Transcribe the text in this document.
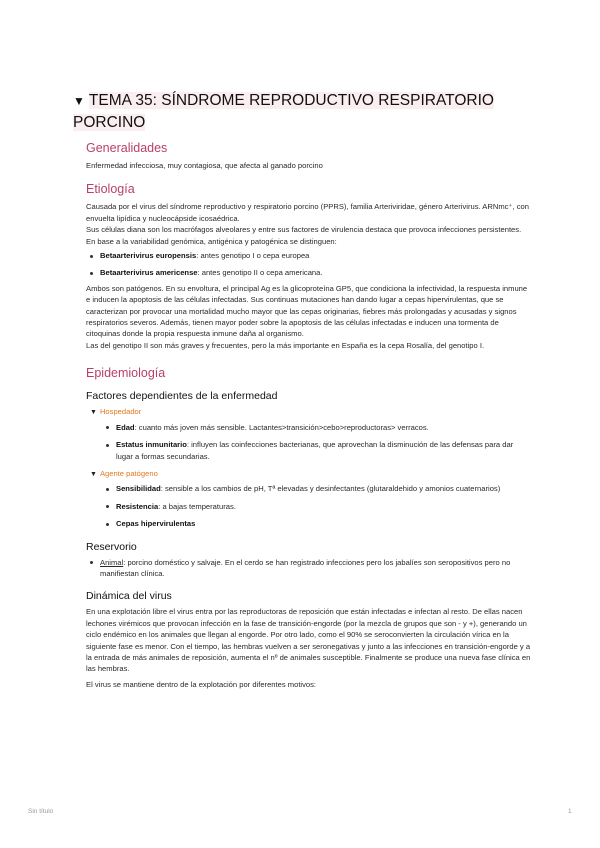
▼ TEMA 35: SÍNDROME REPRODUCTIVO RESPIRATORIO
PORCINO
Generalidades

Enfermedad infecciosa, muy contagiosa, que afecta al ganado porcino

Etiología

Causada por el virus del síndrome reproductivo y respiratorio porcino (PPRS), familia Arteriviridae, género Arterivirus. ARNmc⁺, con envuelta lipídica y nucleocápside icosaédrica.

Sus células diana son los macrófagos alveolares y entre sus factores de virulencia destaca que provoca infecciones persistentes. En base a la variabilidad genómica, antigénica y patogénica se distinguen:

Betaarterivirus europensis: antes genotipo I o cepa europea
Betaarterivirus americense: antes genotipo II o cepa americana.

Ambos son patógenos. En su envoltura, el principal Ag es la glicoproteína GP5, que condiciona la infectividad, la respuesta inmune e inducen la apoptosis de las células infectadas. Sus continuas mutaciones han dando lugar a cepas hipervirulentas, que se caracterizan por provocar una mortalidad mucho mayor que las cepas originarias, fiebres más prolongadas y acusadas y signos respiratorios severos. Además, tienen mayor poder sobre la apoptosis de las células infectadas e inducen una tormenta de citoquinas donde la propia respuesta inmune daña al organismo.

Las del genotipo II son más graves y frecuentes, pero la más importante en España es la cepa Rosalía, del genotipo I.

Epidemiología
Factores dependientes de la enfermedad
▼ Hospedador
Edad: cuanto más joven más sensible. Lactantes>transición>cebo>reproductoras> verracos.
Estatus inmunitario: influyen las coinfecciones bacterianas, que aprovechan la disminución de las defensas para dar lugar a formas secundarias.
▼ Agente patógeno
Sensibilidad: sensible a los cambios de pH, Tª elevadas y desinfectantes (glutaraldehido y amonios cuaternarios)
Resistencia: a bajas temperaturas.
Cepas hipervirulentas
Reservorio
Animal: porcino doméstico y salvaje. En el cerdo se han registrado infecciones pero los jabalíes son seropositivos pero no manifiestan clínica.
Dinámica del virus

En una explotación libre el virus entra por las reproductoras de reposición que están infectadas e infectan al resto. De ellas nacen lechones virémicos que provocan infección en la fase de transición-engorde (por la mezcla de grupos que son - y +), generando un ciclo endémico en los animales que llegan al engorde. Por otro lado, como el 90% se seroconvierten la circulación vírica en la siguiente fase es menor. Con el tiempo, las hembras vuelven a ser seronegativas y junto a las infecciones en transición-engorde y a la entrada de más animales de reposición, aumenta el nº de animales susceptible. Finalmente se produce una nueva fase clínica en las hembras.

El virus se mantiene dentro de la explotación por diferentes motivos:

Sin título	1
